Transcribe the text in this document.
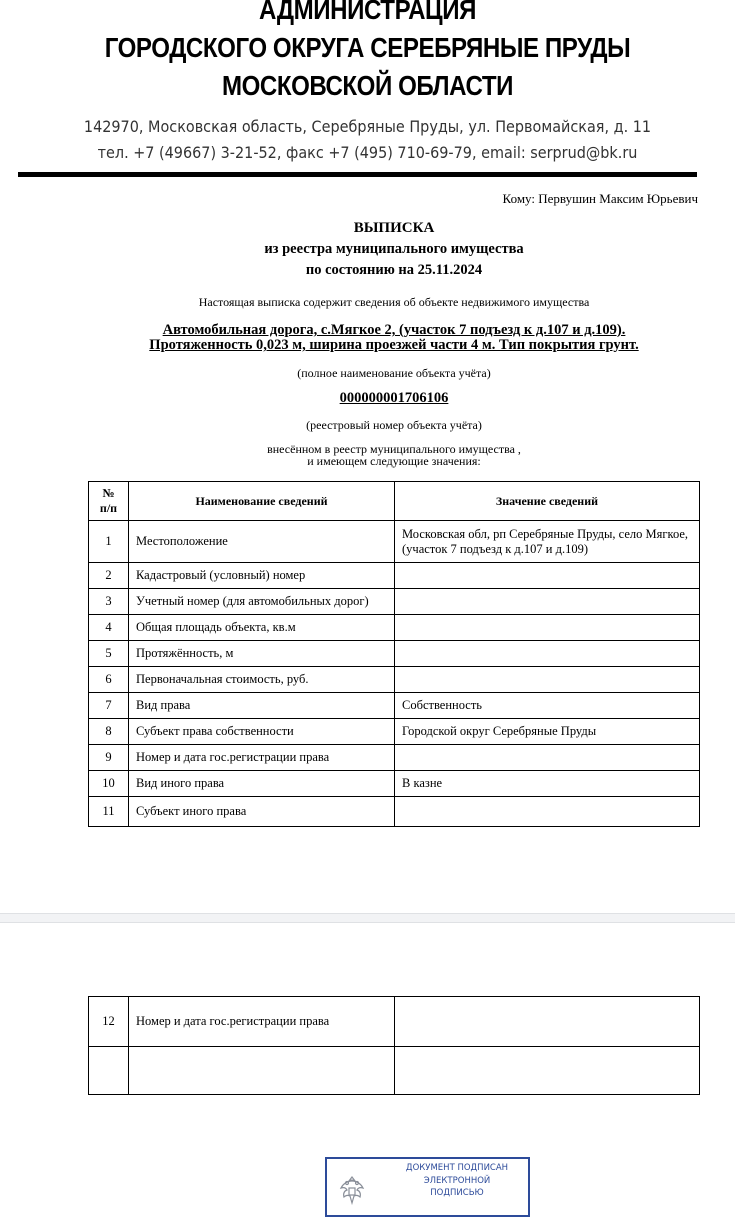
АДМИНИСТРАЦИЯ
ГОРОДСКОГО ОКРУГА СЕРЕБРЯНЫЕ ПРУДЫ
МОСКОВСКОЙ ОБЛАСТИ
142970, Московская область, Серебряные Пруды, ул. Первомайская, д. 11
тел. +7 (49667) 3-21-52, факс +7 (495) 710-69-79, email: serprud@bk.ru
Кому: Первушин Максим Юрьевич
ВЫПИСКА
из реестра муниципального имущества
по состоянию на 25.11.2024
Настоящая выписка содержит сведения об объекте недвижимого имущества
Автомобильная дорога, с.Мягкое 2, (участок 7 подъезд к д.107 и д.109).
Протяженность 0,023 м, ширина проезжей части 4 м. Тип покрытия грунт.
(полное наименование объекта учёта)
000000001706106
(реестровый номер объекта учёта)
внесённом в реестр муниципального имущества ,
и имеющем следующие значения:
№ п/п	Наименование сведений	Значение сведений
1	Местоположение	Московская обл, рп Серебряные Пруды, село Мягкое, (участок 7 подъезд к д.107 и д.109)
2	Кадастровый (условный) номер	
3	Учетный номер (для автомобильных дорог)	
4	Общая площадь объекта, кв.м	
5	Протяжённость, м	
6	Первоначальная стоимость, руб.	
7	Вид права	Собственность
8	Субъект права собственности	Городской округ Серебряные Пруды
9	Номер и дата гос.регистрации права	
10	Вид иного права	В казне
11	Субъект иного права	
12	Номер и дата гос.регистрации права	

ДОКУМЕНТ ПОДПИСАН
ЭЛЕКТРОННОЙ
ПОДПИСЬЮ
